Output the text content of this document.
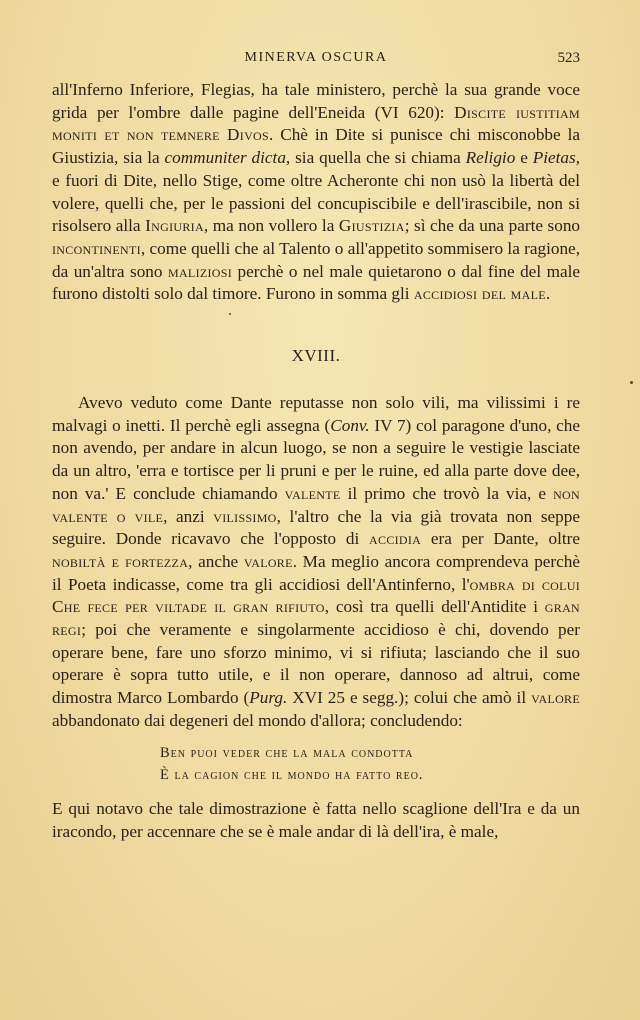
MINERVA OSCURA	523

all'Inferno Inferiore, Flegias, ha tale ministero, perchè la sua grande voce grida per l'ombre dalle pagine dell'Eneida (VI 620): Discite iustitiam moniti et non temnere Divos. Chè in Dite si punisce chi misconobbe la Giustizia, sia la communiter dicta, sia quella che si chiama Religio e Pietas, e fuori di Dite, nello Stige, come oltre Acheronte chi non usò la libertà del volere, quelli che, per le passioni del concupiscibile e dell'irascibile, non si risolsero alla Ingiuria, ma non vollero la Giustizia; sì che da una parte sono incontinenti, come quelli che al Talento o all'appetito sommisero la ragione, da un'altra sono maliziosi perchè o nel male quietarono o dal fine del male furono distolti solo dal timore. Furono in somma gli accidiosi del male.

XVIII.

Avevo veduto come Dante reputasse non solo vili, ma vilissimi i re malvagi o inetti. Il perchè egli assegna (Conv. IV 7) col paragone d'uno, che non avendo, per andare in alcun luogo, se non a seguire le vestigie lasciate da un altro, 'erra e tortisce per li pruni e per le ruine, ed alla parte dove dee, non va.' E conclude chiamando valente il primo che trovò la via, e non valente o vile, anzi vilissimo, l'altro che la via già trovata non seppe seguire. Donde ricavavo che l'opposto di accidia era per Dante, oltre nobiltà e fortezza, anche valore. Ma meglio ancora comprendeva perchè il Poeta indicasse, come tra gli accidiosi dell'Antinferno, l'ombra di colui Che fece per viltade il gran rifiuto, così tra quelli dell'Antidite i gran regi; poi che veramente e singolarmente accidioso è chi, dovendo per operare bene, fare uno sforzo minimo, vi si rifiuta; lasciando che il suo operare è sopra tutto utile, e il non operare, dannoso ad altrui, come dimostra Marco Lombardo (Purg. XVI 25 e segg.); colui che amò il valore abbandonato dai degeneri del mondo d'allora; concludendo:

Ben puoi veder che la mala condotta
È la cagion che il mondo ha fatto reo.

E qui notavo che tale dimostrazione è fatta nello scaglione dell'Ira e da un iracondo, per accennare che se è male andar di là dell'ira, è male,
